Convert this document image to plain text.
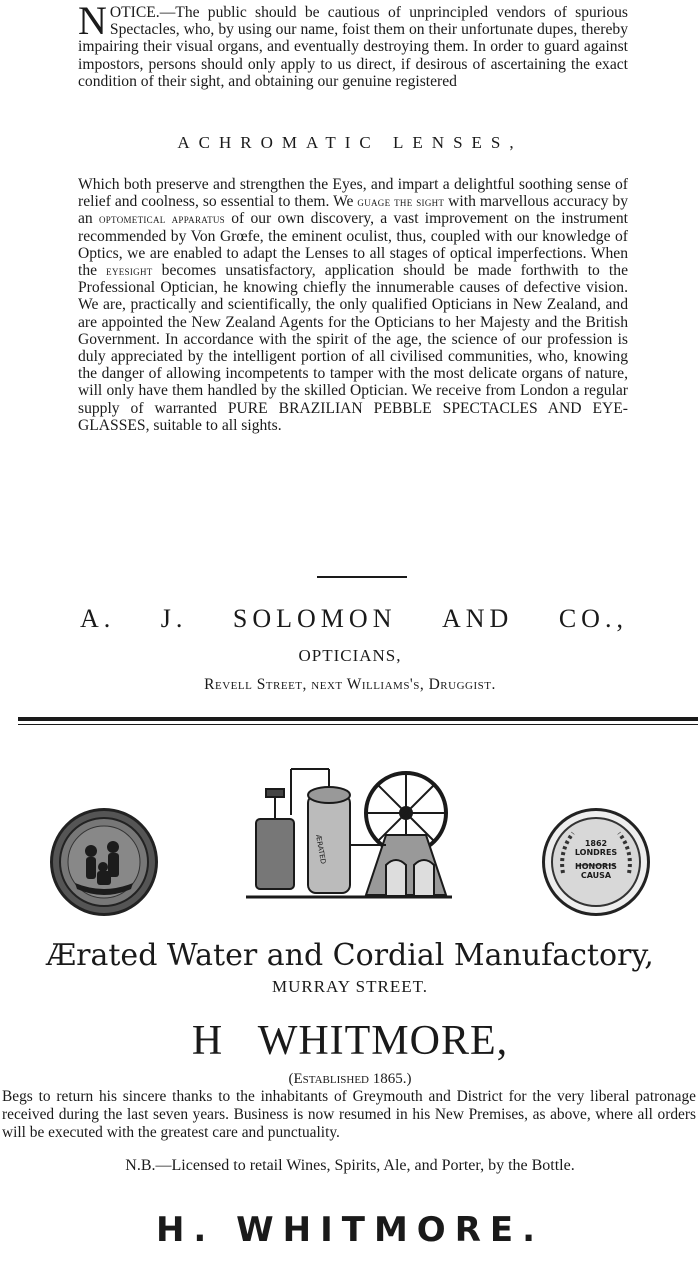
NOTICE.—The public should be cautious of unprincipled vendors of spurious Spectacles, who, by using our name, foist them on their unfortunate dupes, thereby impairing their visual organs, and eventually destroying them. In order to guard against impostors, persons should only apply to us direct, if desirous of ascertaining the exact condition of their sight, and obtaining our genuine registered
ACHROMATIC LENSES,
Which both preserve and strengthen the Eyes, and impart a delightful soothing sense of relief and coolness, so essential to them. We guage the sight with marvellous accuracy by an optometical apparatus of our own discovery, a vast improvement on the instrument recommended by Von Grœfe, the eminent oculist, thus, coupled with our knowledge of Optics, we are enabled to adapt the Lenses to all stages of optical imperfections. When the eyesight becomes unsatisfactory, application should be made forthwith to the Professional Optician, he knowing chiefly the innumerable causes of defective vision. We are, practically and scientifically, the only qualified Opticians in New Zealand, and are appointed the New Zealand Agents for the Opticians to her Majesty and the British Government. In accordance with the spirit of the age, the science of our profession is duly appreciated by the intelligent portion of all civilised communities, who, knowing the danger of allowing incompetents to tamper with the most delicate organs of nature, will only have them handled by the skilled Optician. We receive from London a regular supply of warranted PURE BRAZILIAN PEBBLE SPECTACLES AND EYE-GLASSES, suitable to all sights.
A. J. SOLOMON AND CO.,
OPTICIANS,
Revell Street, next Williams's, Druggist.
ÆRATED	1862
LONDRES
HONORIS
CAUSA
Ærated Water and Cordial Manufactory,
MURRAY STREET.
H WHITMORE,
(Established 1865.)
Begs to return his sincere thanks to the inhabitants of Greymouth and District for the very liberal patronage received during the last seven years. Business is now resumed in his New Premises, as above, where all orders will be executed with the greatest care and punctuality.
N.B.—Licensed to retail Wines, Spirits, Ale, and Porter, by the Bottle.
H. WHITMORE.
